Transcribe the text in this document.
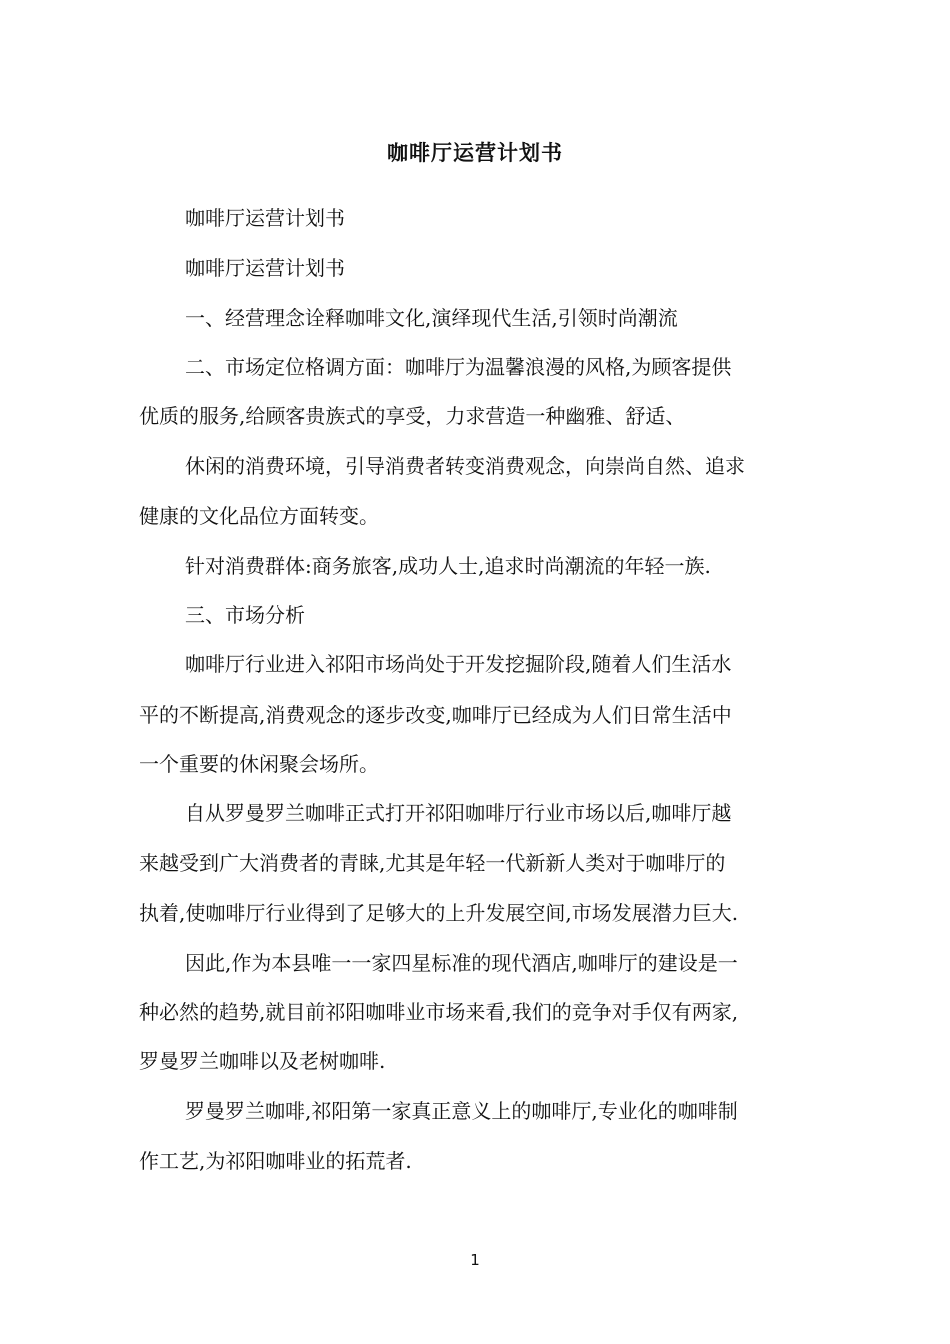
咖啡厅运营计划书
咖啡厅运营计划书
咖啡厅运营计划书
一、经营理念诠释咖啡文化,演绎现代生活,引领时尚潮流
二、市场定位格调方面：咖啡厅为温馨浪漫的风格,为顾客提供
优质的服务,给顾客贵族式的享受，力求营造一种幽雅、舒适、
休闲的消费环境，引导消费者转变消费观念，向崇尚自然、追求
健康的文化品位方面转变。
针对消费群体:商务旅客,成功人士,追求时尚潮流的年轻一族.
三、市场分析
咖啡厅行业进入祁阳市场尚处于开发挖掘阶段,随着人们生活水
平的不断提高,消费观念的逐步改变,咖啡厅已经成为人们日常生活中
一个重要的休闲聚会场所。
自从罗曼罗兰咖啡正式打开祁阳咖啡厅行业市场以后,咖啡厅越
来越受到广大消费者的青睐,尤其是年轻一代新新人类对于咖啡厅的
执着,使咖啡厅行业得到了足够大的上升发展空间,市场发展潜力巨大.
因此,作为本县唯一一家四星标准的现代酒店,咖啡厅的建设是一
种必然的趋势,就目前祁阳咖啡业市场来看,我们的竞争对手仅有两家,
罗曼罗兰咖啡以及老树咖啡.
罗曼罗兰咖啡,祁阳第一家真正意义上的咖啡厅,专业化的咖啡制
作工艺,为祁阳咖啡业的拓荒者.
1
